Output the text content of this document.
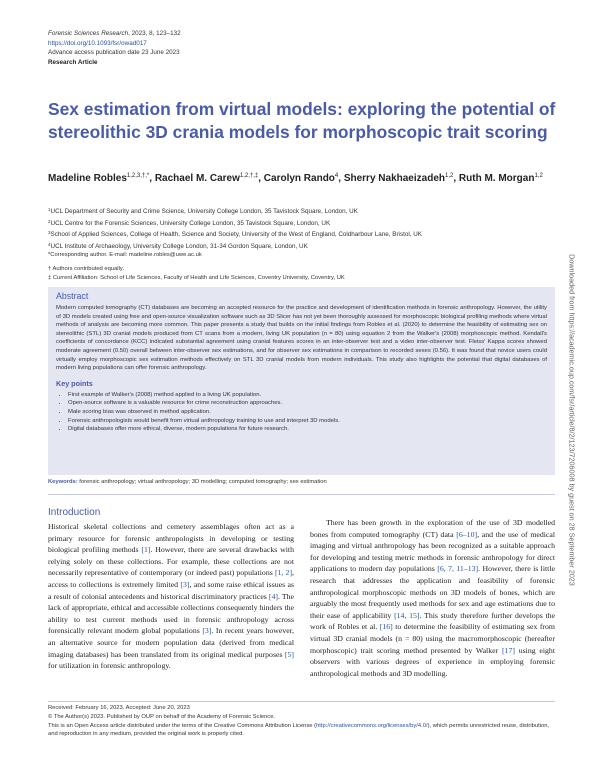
Forensic Sciences Research, 2023, 8, 123–132
https://doi.org/10.1093/fsr/owad017
Advance access publication date 23 June 2023
Research Article
Sex estimation from virtual models: exploring the potential of stereolithic 3D crania models for morphoscopic trait scoring
Madeline Robles$^{1,2,3,\dagger,*}$, Rachael M. Carew$^{1,2,\dagger,\ddagger}$, Carolyn Rando$^4$, Sherry Nakhaeizadeh$^{1,2}$, Ruth M. Morgan$^{1,2}$
$^1$UCL Department of Security and Crime Science, University College London, 35 Tavistock Square, London, UK
$^2$UCL Centre for the Forensic Sciences, University College London, 35 Tavistock Square, London, UK
$^3$School of Applied Sciences, College of Health, Science and Society, University of the West of England, Coldharbour Lane, Bristol, UK
$^4$UCL Institute of Archaeology, University College London, 31-34 Gordon Square, London, UK
*Corresponding author. E-mail: madeline.robles@uwe.ac.uk
† Authors contributed equally.
‡ Current Affiliation: School of Life Sciences, Faculty of Health and Life Sciences, Coventry University, Coventry, UK
Abstract
Modern computed tomography (CT) databases are becoming an accepted resource for the practice and development of identification methods in forensic anthropology. However, the utility of 3D models created using free and open-source visualization software such as 3D Slicer has not yet been thoroughly assessed for morphoscopic biological profiling methods where virtual methods of analysis are becoming more common. This paper presents a study that builds on the initial findings from Robles et al. (2020) to determine the feasibility of estimating sex on stereolithic (STL) 3D cranial models produced from CT scans from a modern, living UK population (n = 80) using equation 2 from the Walker's (2008) morphoscopic method. Kendall's coefficients of concordance (KCC) indicated substantial agreement using cranial features scores in an inter-observer test and a video inter-observer test. Fleiss' Kappa scores showed moderate agreement (0.50) overall between inter-observer sex estimations, and for observer sex estimations in comparison to recorded sexes (0.56). It was found that novice users could virtually employ morphoscopic sex estimation methods effectively on STL 3D cranial models from modern individuals. This study also highlights the potential that digital databases of modern living populations can offer forensic anthropology.
Key points
• First example of Walker's (2008) method applied to a living UK population.
• Open-source software is a valuable resource for crime reconstruction approaches.
• Male scoring bias was observed in method application.
• Forensic anthropologists would benefit from virtual anthropology training to use and interpret 3D models.
• Digital databases offer more ethical, diverse, modern populations for future research.
Keywords: forensic anthropology; virtual anthropology; 3D modelling; computed tomography; sex estimation
Introduction

Historical skeletal collections and cemetery assemblages often act as a primary resource for forensic anthropologists in developing or testing biological profiling methods [1]. However, there are several drawbacks with relying solely on these collections. For example, these collections are not necessarily representative of contemporary (or indeed past) populations [1, 2], access to collections is extremely limited [3], and some raise ethical issues as a result of colonial antecedents and historical discriminatory practices [4]. The lack of appropriate, ethical and accessible collections consequently hinders the ability to test current methods used in forensic anthropology across forensically relevant modern global populations [3]. In recent years however, an alternative source for modern population data (derived from medical imaging databases) has been translated from its original medical purposes [5] for utilization in forensic anthropology.

There has been growth in the exploration of the use of 3D modelled bones from computed tomography (CT) data [6–10], and the use of medical imaging and virtual anthropology has been recognized as a suitable approach for developing and testing metric methods in forensic anthropology for direct applications to modern day populations [6, 7, 11–13]. However, there is little research that addresses the application and feasibility of forensic anthropological morphoscopic methods on 3D models of bones, which are arguably the most frequently used methods for sex and age estimations due to their ease of applicability [14, 15]. This study therefore further develops the work of Robles et al. [16] to determine the feasibility of estimating sex from virtual 3D cranial models (n = 80) using the macromorphoscopic (hereafter morphoscopic) trait scoring method presented by Walker [17] using eight observers with various degrees of experience in employing forensic anthropological methods and 3D modelling.

Received: February 16, 2023. Accepted: June 20, 2023
© The Author(s) 2023. Published by OUP on behalf of the Academy of Forensic Science.
This is an Open Access article distributed under the terms of the Creative Commons Attribution License (http://creativecommons.org/licenses/by/4.0/), which permits unrestricted reuse, distribution, and reproduction in any medium, provided the original work is properly cited.
Downloaded from https://academic.oup.com/fsr/article/8/2/123/7206008 by guest on 28 September 2023
